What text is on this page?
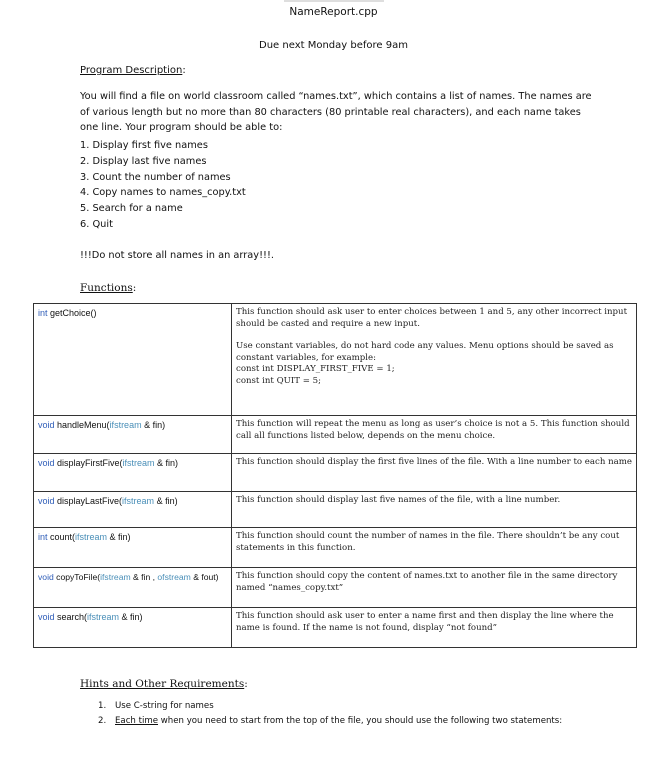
NameReport.cpp
Due next Monday before 9am
Program Description:
You will find a file on world classroom called “names.txt”, which contains a list of names. The names are of various length but no more than 80 characters (80 printable real characters), and each name takes one line. Your program should be able to:
1. Display first five names
2. Display last five names
3. Count the number of names
4. Copy names to names_copy.txt
5. Search for a name
6. Quit
!!!Do not store all names in an array!!!.
Functions:
int getChoice()	This function should ask user to enter choices between 1 and 5, any other incorrect input should be casted and require a new input.

Use constant variables, do not hard code any values. Menu options should be saved as constant variables, for example:
const int DISPLAY_FIRST_FIVE = 1;
const int QUIT = 5;

void handleMenu(ifstream & fin)	This function will repeat the menu as long as user’s choice is not a 5. This function should call all functions listed below, depends on the menu choice.
void displayFirstFive(ifstream & fin)	This function should display the first five lines of the file. With a line number to each name
void displayLastFive(ifstream & fin)	This function should display last five names of the file, with a line number.
int count(ifstream & fin)	This function should count the number of names in the file. There shouldn’t be any cout statements in this function.
void copyToFile(ifstream & fin , ofstream & fout)	This function should copy the content of names.txt to another file in the same directory named “names_copy.txt”
void search(ifstream & fin)	This function should ask user to enter a name first and then display the line where the name is found. If the name is not found, display “not found”
Hints and Other Requirements:
1. Use C-string for names
2. Each time when you need to start from the top of the file, you should use the following two statements:
